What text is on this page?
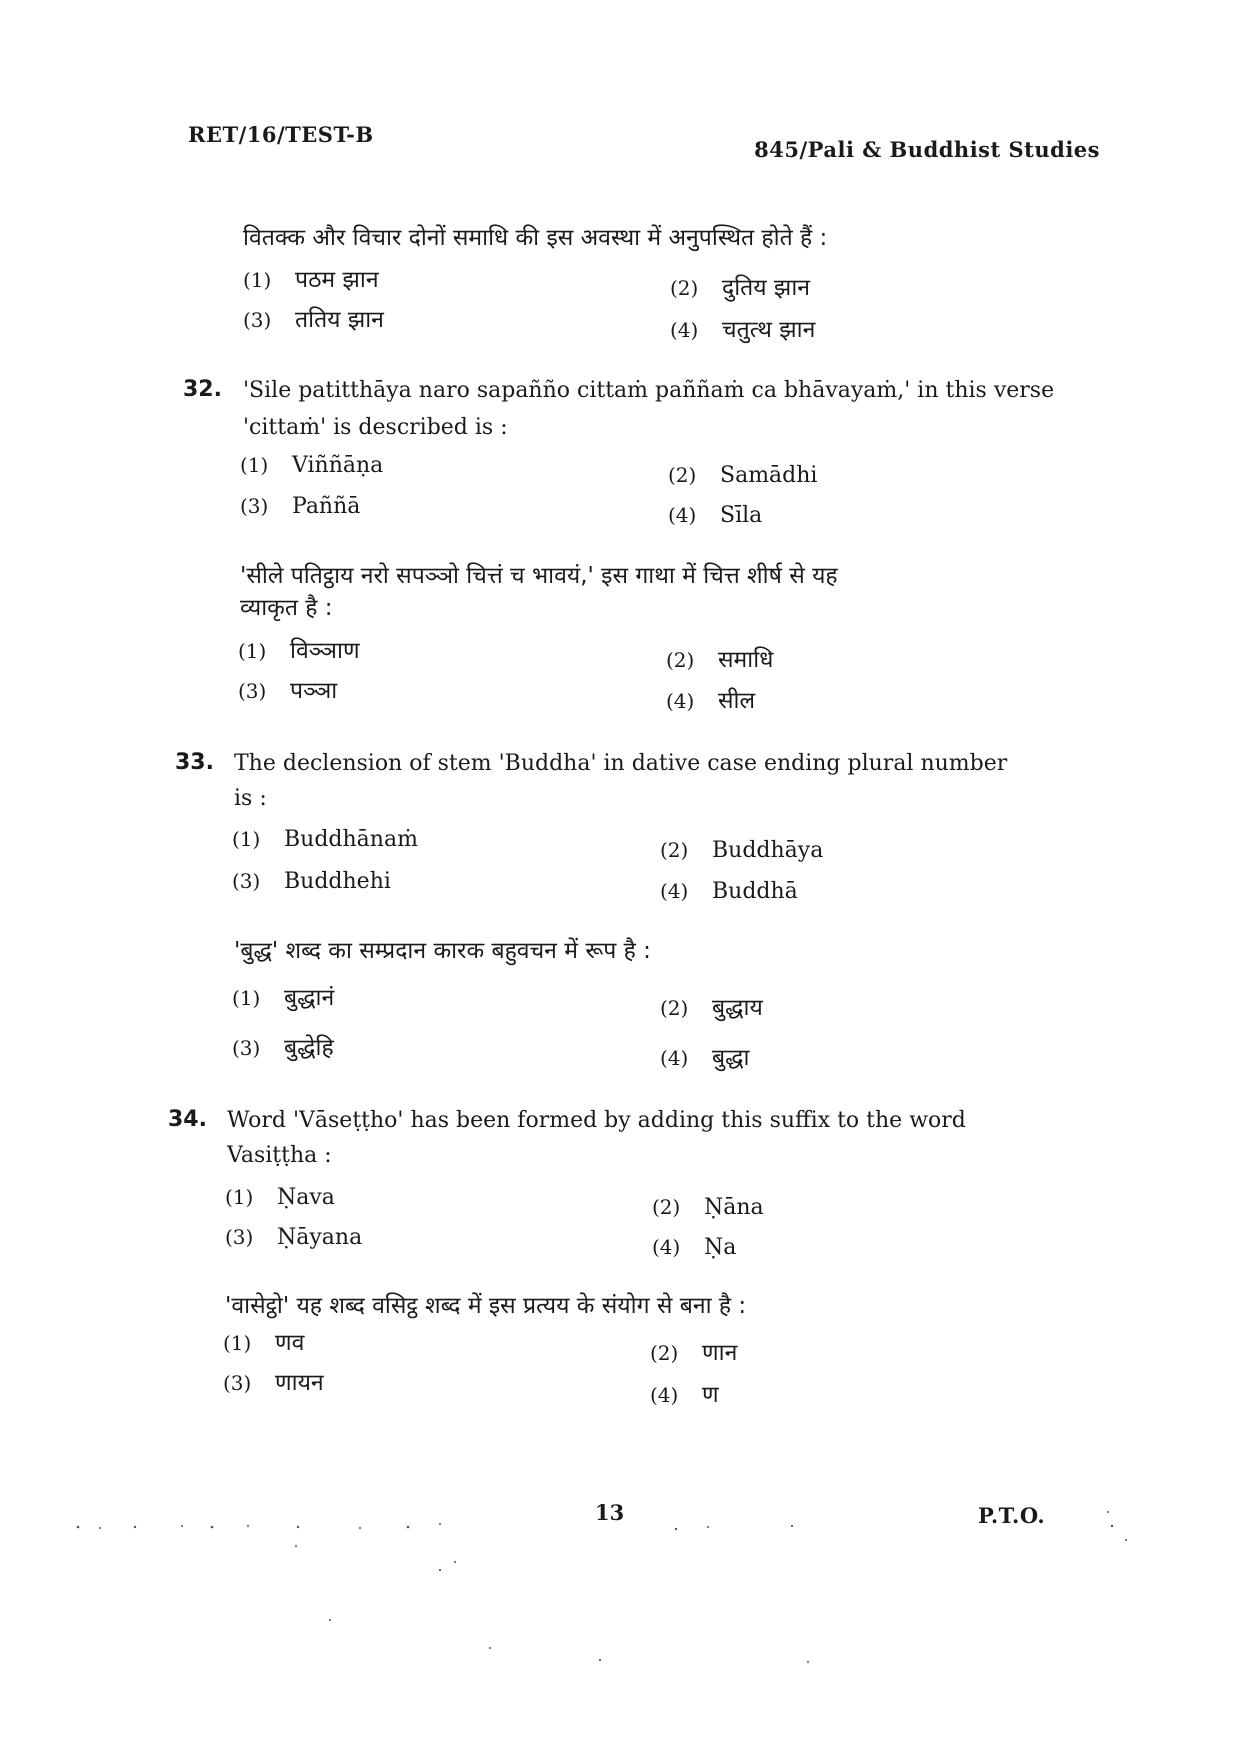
RET/16/TEST-B
845/Pali & Buddhist Studies
वितक्क और विचार दोनों समाधि की इस अवस्था में अनुपस्थित होते हैं :
(1) पठम झान	(2) दुतिय झान
(3) ततिय झान	(4) चतुत्थ झान
32. 'Sile patitthāya naro sapañño cittaṁ paññaṁ ca bhāvayaṁ,' in this verse
'cittaṁ' is described is :
(1) Viññāṇa	(2) Samādhi
(3) Paññā	(4) Sīla
'सीले पतिट्ठाय नरो सपञ्ञो चित्तं च भावयं,' इस गाथा में चित्त शीर्ष से यह
व्याकृत है :
(1) विञ्ञाण	(2) समाधि
(3) पञ्ञा	(4) सील
33. The declension of stem 'Buddha' in dative case ending plural number
is :
(1) Buddhānaṁ	(2) Buddhāya
(3) Buddhehi	(4) Buddhā
'बुद्ध' शब्द का सम्प्रदान कारक बहुवचन में रूप है :
(1) बुद्धानं	(2) बुद्धाय
(3) बुद्धेहि	(4) बुद्धा
34. Word 'Vāseṭṭho' has been formed by adding this suffix to the word
Vasiṭṭha :
(1) Ṇava	(2) Ṇāna
(3) Ṇāyana	(4) Ṇa
'वासेट्ठो' यह शब्द वसिट्ठ शब्द में इस प्रत्यय के संयोग से बना है :
(1) णव	(2) णान
(3) णायन	(4) ण
13	P.T.O.
